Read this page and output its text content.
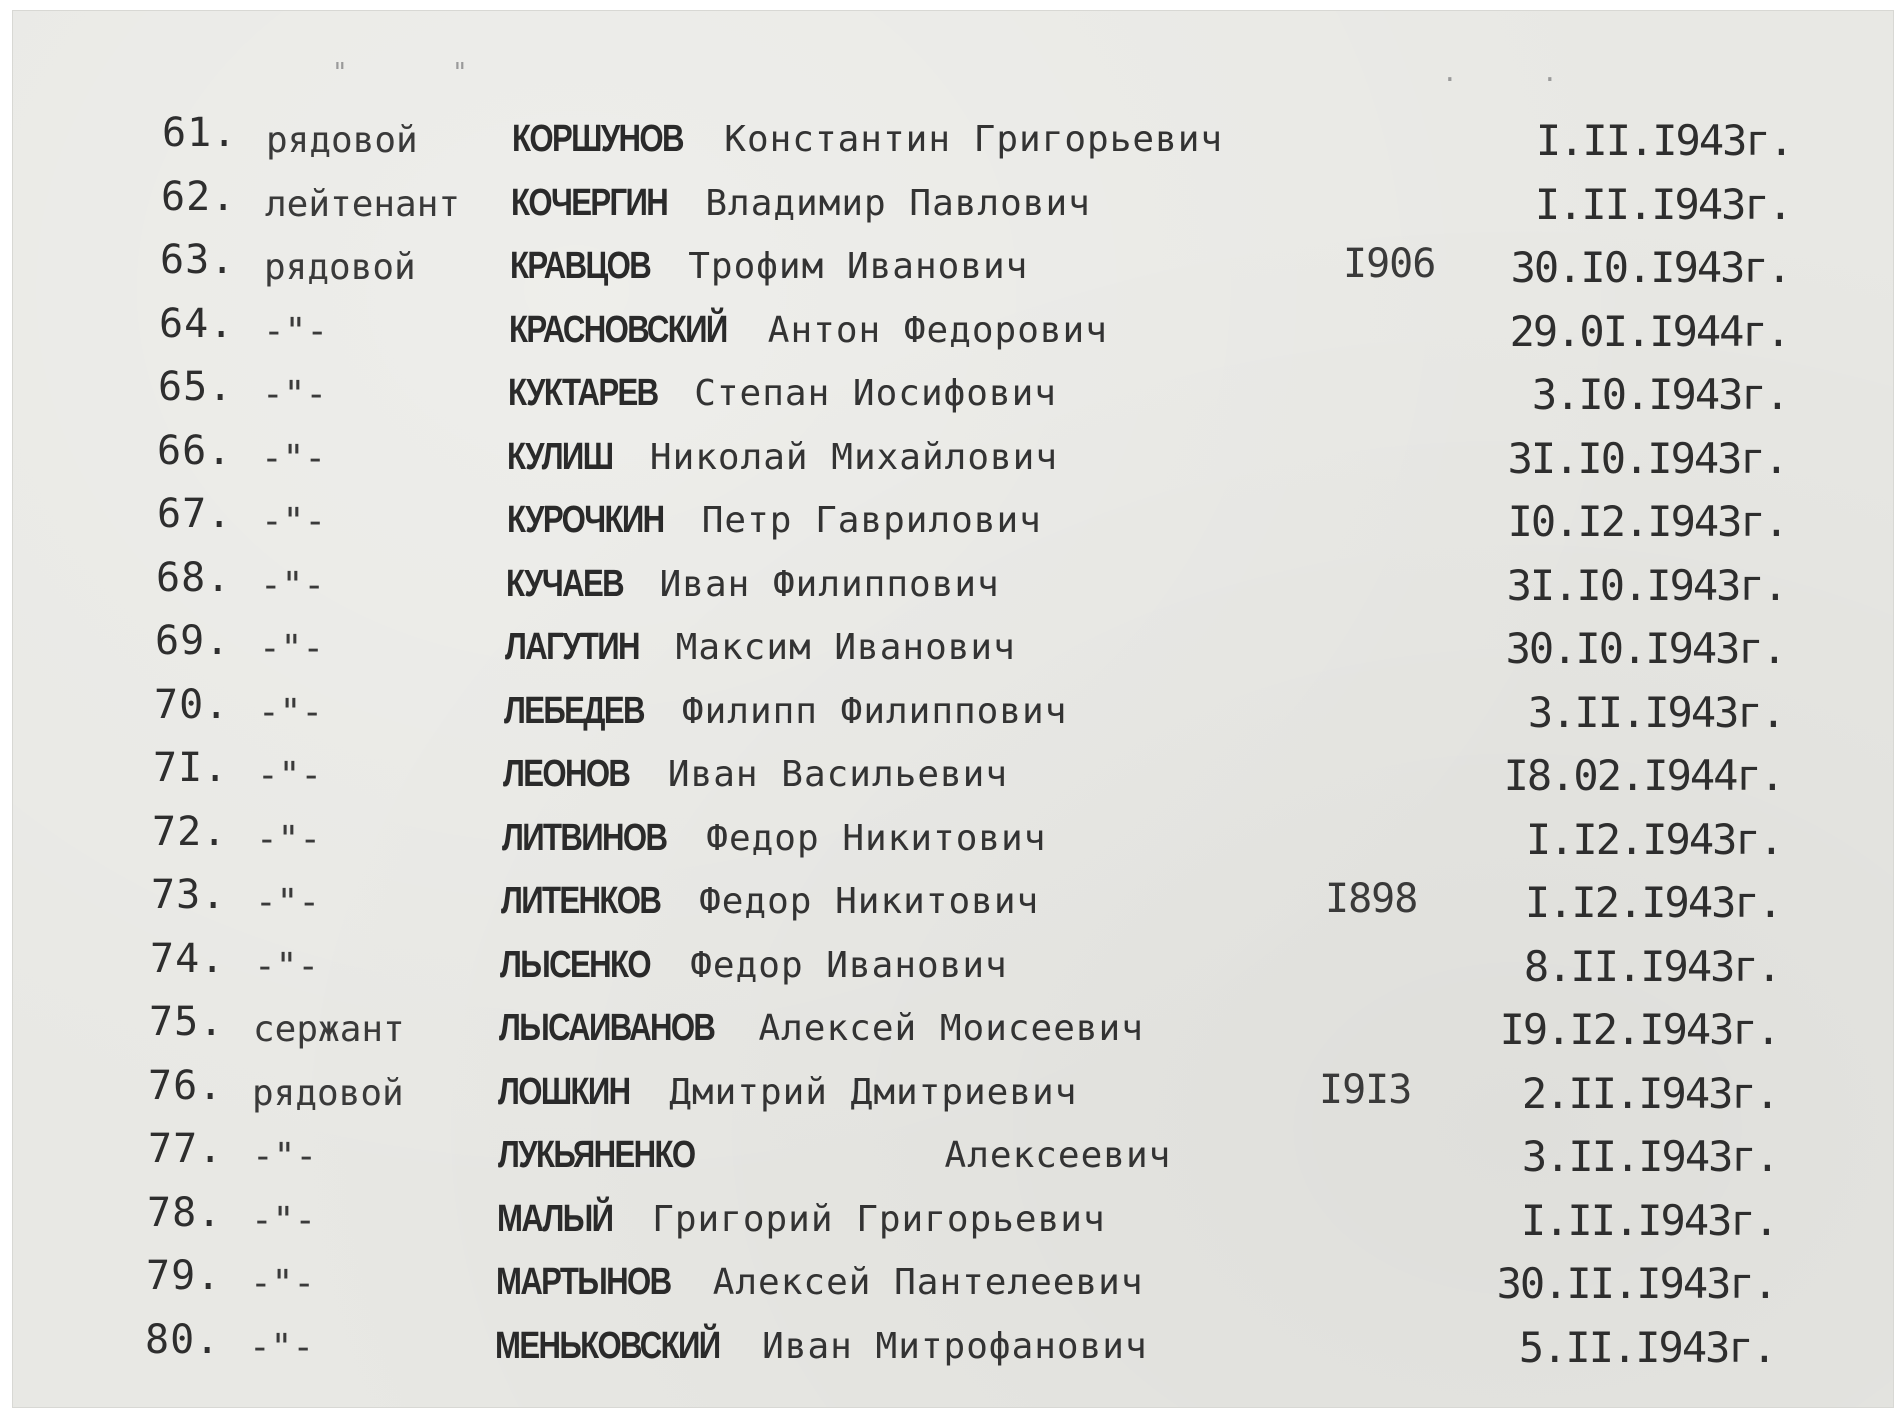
"	"	.	.
61. рядовой КОРШУНОВ Константин Григорьевич	I.II.I943г.
62. лейтенант КОЧЕРГИН Владимир Павлович	I.II.I943г.
63. рядовой КРАВЦОВ Трофим Иванович	I906	30.I0.I943г.
64. -"-	КРАСНОВСКИЙ Антон Федорович	29.0I.I944г.
65. -"-	КУКТАРЕВ Степан Иосифович	3.I0.I943г.
66. -"-	КУЛИШ Николай Михайлович	3I.I0.I943г.
67. -"-	КУРОЧКИН Петр Гаврилович	I0.I2.I943г.
68. -"-	КУЧАЕВ Иван Филиппович	3I.I0.I943г.
69. -"-	ЛАГУТИН Максим Иванович	30.I0.I943г.
70. -"-	ЛЕБЕДЕВ Филипп Филиппович	3.II.I943г.
7I. -"-	ЛЕОНОВ Иван Васильевич	I8.02.I944г.
72. -"-	ЛИТВИНОВ Федор Никитович	I.I2.I943г.
73. -"-	ЛИТЕНКОВ Федор Никитович	I898	I.I2.I943г.
74. -"-	ЛЫСЕНКО Федор Иванович	8.II.I943г.
75. сержант ЛЫСАИВАНОВ Алексей Моисеевич	I9.I2.I943г.
76. рядовой ЛОШКИН Дмитрий Дмитриевич	I9I3	2.II.I943г.
77. -"-	ЛУКЬЯНЕНКО	Алексеевич	3.II.I943г.
78. -"-	МАЛЫЙ Григорий Григорьевич	I.II.I943г.
79. -"-	МАРТЫНОВ Алексей Пантелеевич	30.II.I943г.
80. -"-	МЕНЬКОВСКИЙ Иван Митрофанович	5.II.I943г.
